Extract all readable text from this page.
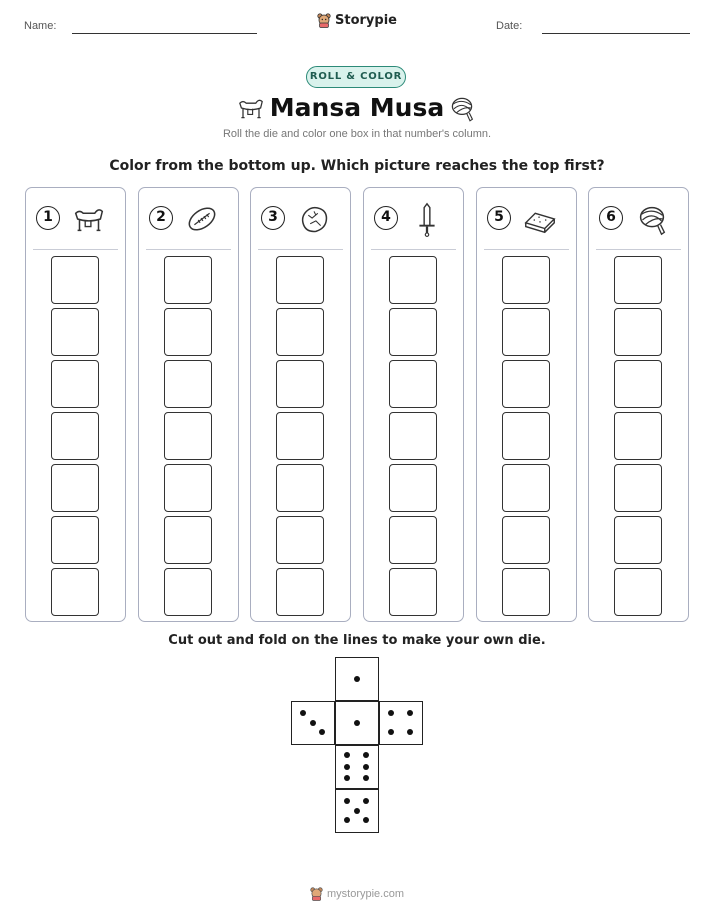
Name:	Date:
Storypie
ROLL & COLOR
Mansa Musa
Roll the die and color one box in that number's column.
Color from the bottom up. Which picture reaches the top first?
1	2	3	4	5	6
Cut out and fold on the lines to make your own die.
mystorypie.com
